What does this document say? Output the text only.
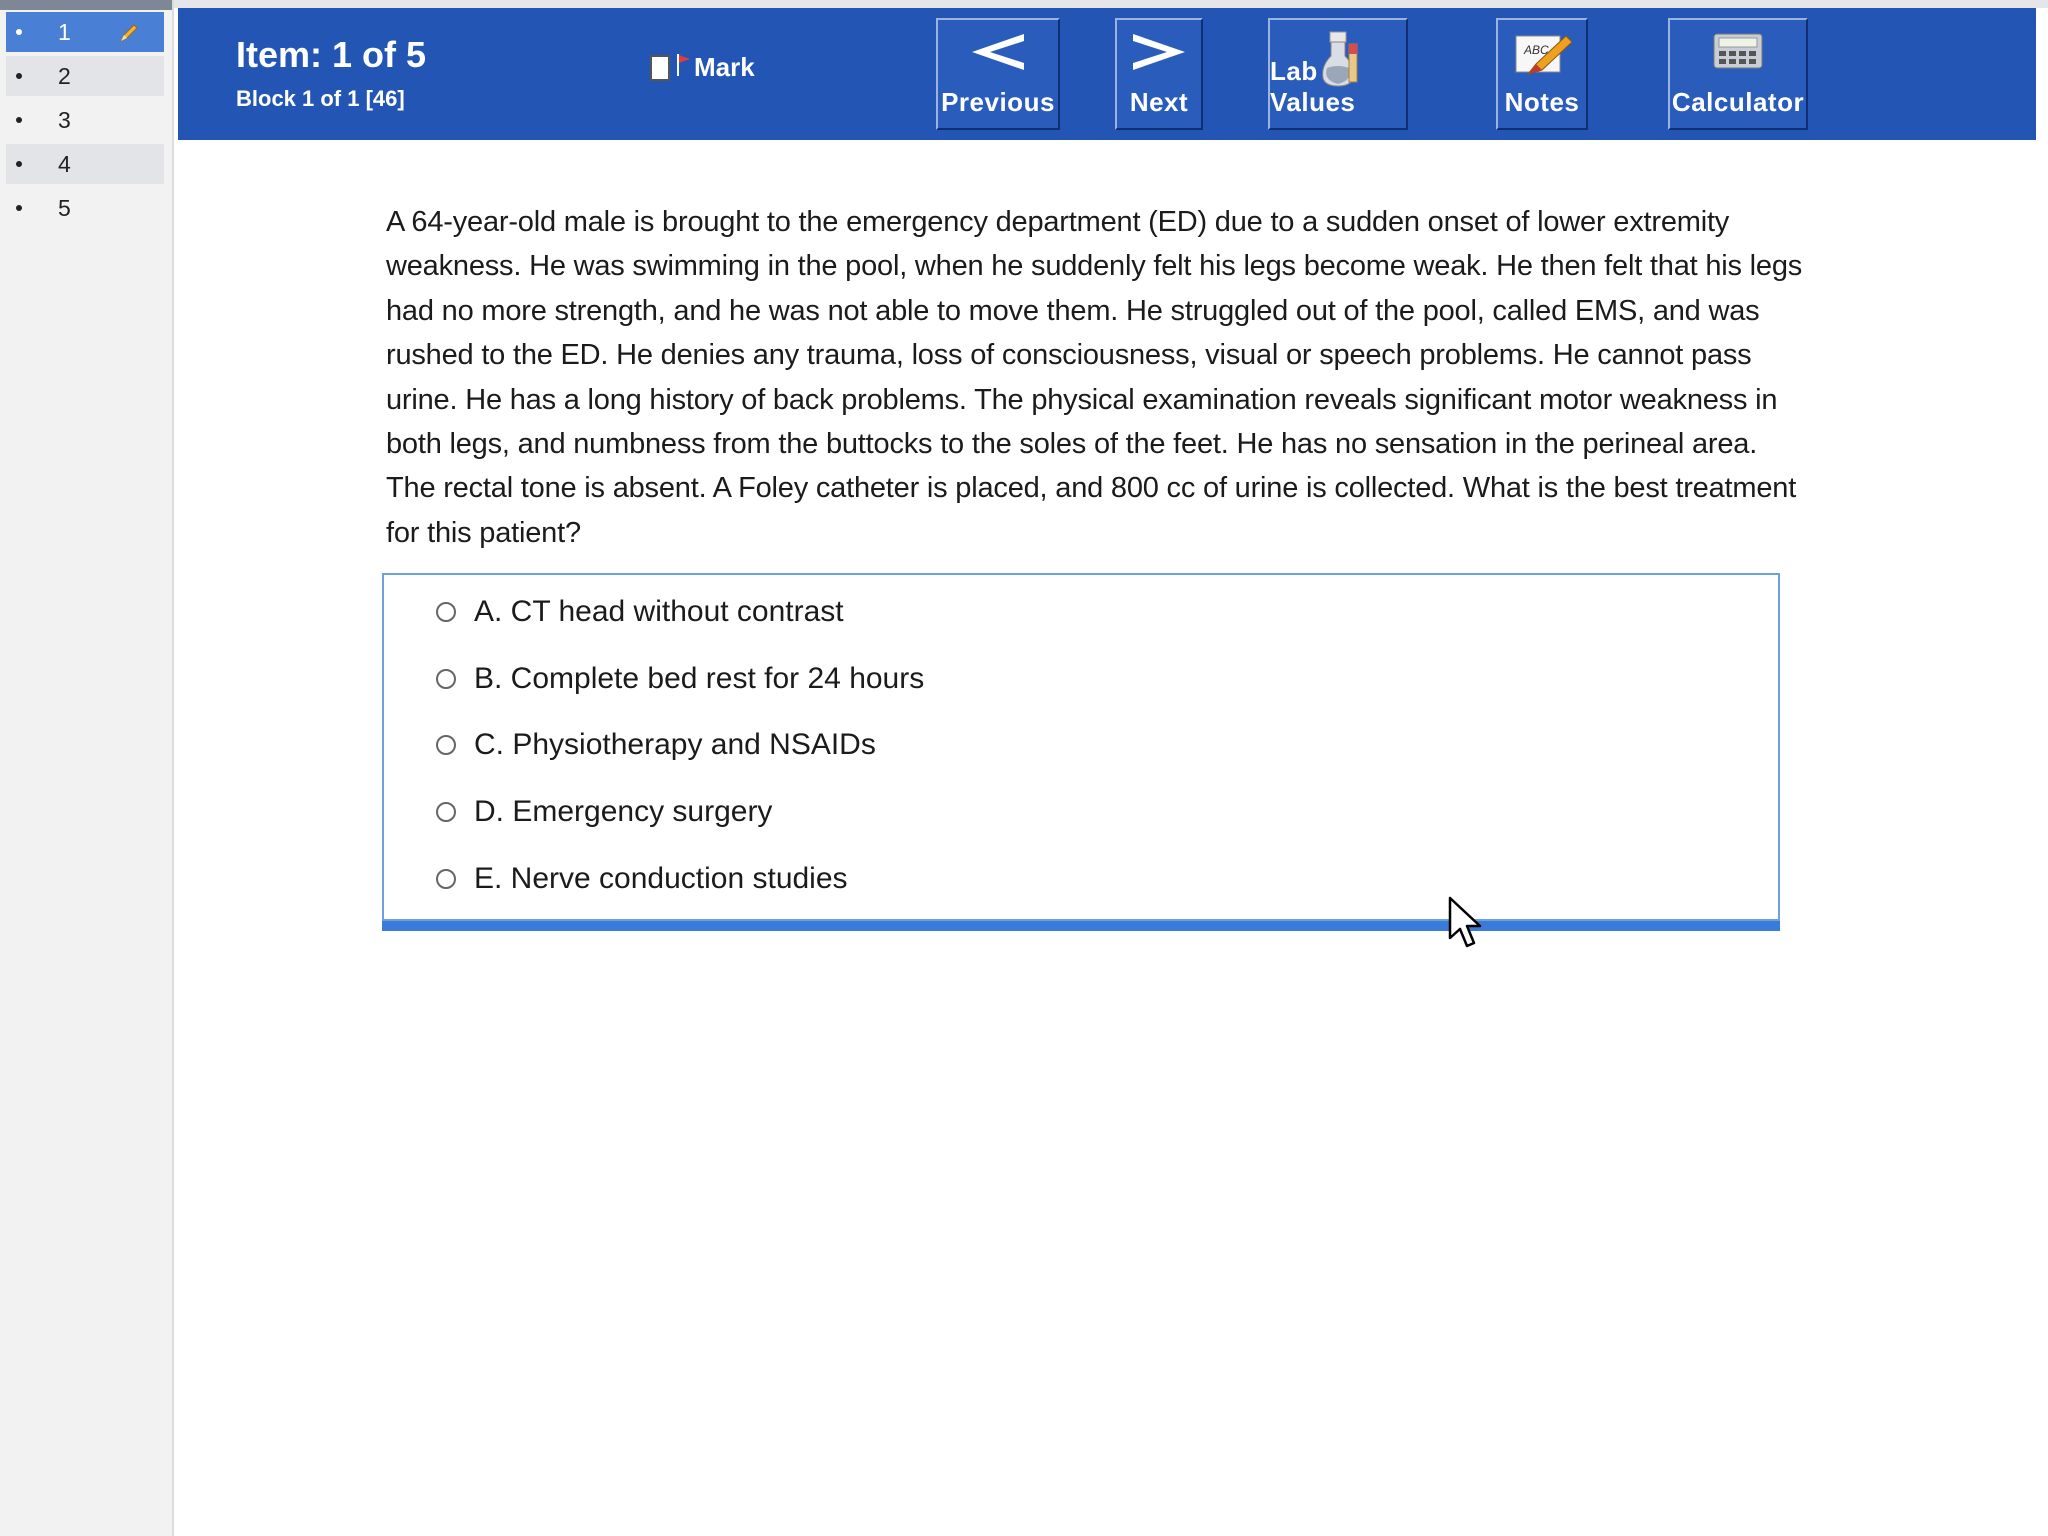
1
2
3
4
5
Item: 1 of 5
Block 1 of 1 [46]
Mark
Previous	Next
Lab Values
ABC
Notes	Calculator
A 64-year-old male is brought to the emergency department (ED) due to a sudden onset of lower extremity weakness. He was swimming in the pool, when he suddenly felt his legs become weak. He then felt that his legs had no more strength, and he was not able to move them. He struggled out of the pool, called EMS, and was rushed to the ED. He denies any trauma, loss of consciousness, visual or speech problems. He cannot pass urine. He has a long history of back problems. The physical examination reveals significant motor weakness in both legs, and numbness from the buttocks to the soles of the feet. He has no sensation in the perineal area. The rectal tone is absent. A Foley catheter is placed, and 800 cc of urine is collected. What is the best treatment for this patient?
A. CT head without contrast
B. Complete bed rest for 24 hours
C. Physiotherapy and NSAIDs
D. Emergency surgery
E. Nerve conduction studies
